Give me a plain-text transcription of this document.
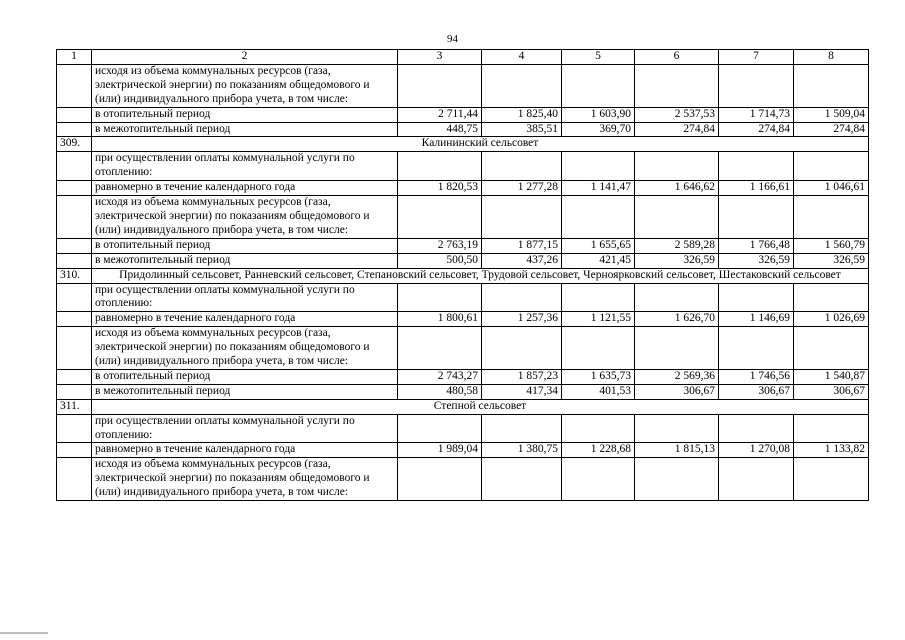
94
1	2	3	4	5	6	7	8
	исходя из объема коммунальных ресурсов (газа, электрической энергии) по показаниям общедомового и (или) индивидуального прибора учета, в том числе:						
	в отопительный период	2 711,44	1 825,40	1 603,90	2 537,53	1 714,73	1 509,04
	в межотопительный период	448,75	385,51	369,70	274,84	274,84	274,84
309.	Калининский сельсовет						
	при осуществлении оплаты коммунальной услуги по отоплению:						
	равномерно в течение календарного года	1 820,53	1 277,28	1 141,47	1 646,62	1 166,61	1 046,61
	исходя из объема коммунальных ресурсов (газа, электрической энергии) по показаниям общедомового и (или) индивидуального прибора учета, в том числе:						
	в отопительный период	2 763,19	1 877,15	1 655,65	2 589,28	1 766,48	1 560,79
	в межотопительный период	500,50	437,26	421,45	326,59	326,59	326,59
310.	Придолинный сельсовет, Ранневский сельсовет, Степановский сельсовет, Трудовой сельсовет, Черноярковский сельсовет, Шестаковский сельсовет						
	при осуществлении оплаты коммунальной услуги по отоплению:						
	равномерно в течение календарного года	1 800,61	1 257,36	1 121,55	1 626,70	1 146,69	1 026,69
	исходя из объема коммунальных ресурсов (газа, электрической энергии) по показаниям общедомового и (или) индивидуального прибора учета, в том числе:						
	в отопительный период	2 743,27	1 857,23	1 635,73	2 569,36	1 746,56	1 540,87
	в межотопительный период	480,58	417,34	401,53	306,67	306,67	306,67
311.	Степной сельсовет						
	при осуществлении оплаты коммунальной услуги по отоплению:						
	равномерно в течение календарного года	1 989,04	1 380,75	1 228,68	1 815,13	1 270,08	1 133,82
	исходя из объема коммунальных ресурсов (газа, электрической энергии) по показаниям общедомового и (или) индивидуального прибора учета, в том числе:						
